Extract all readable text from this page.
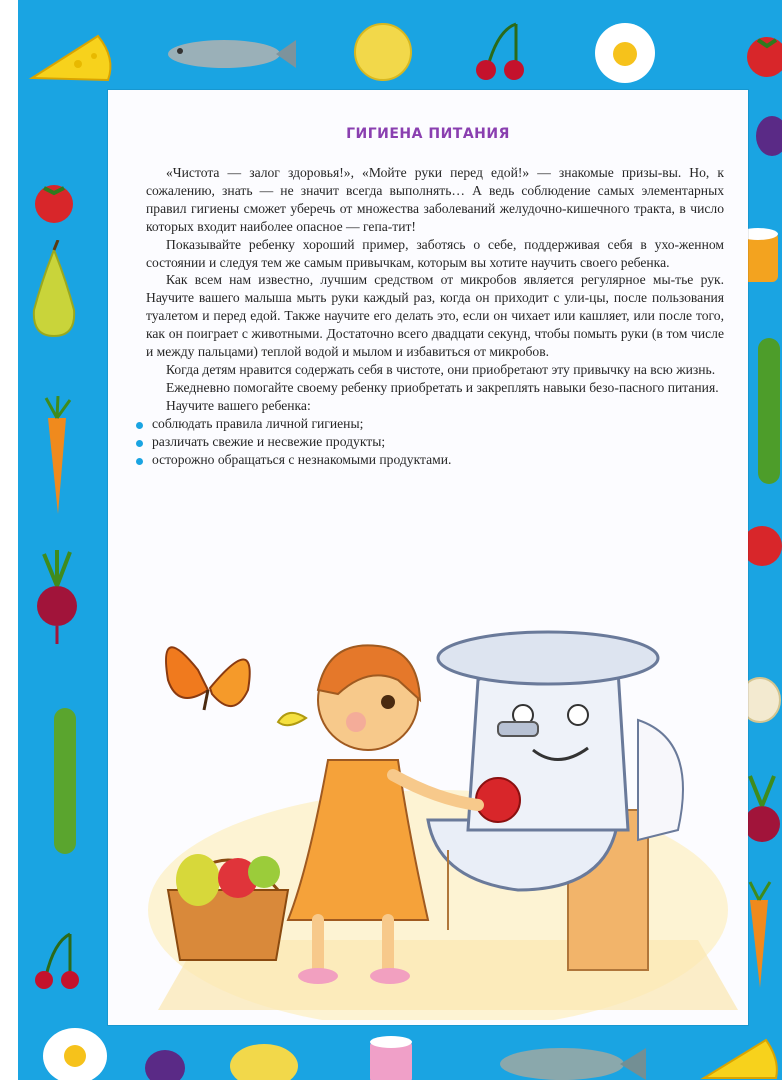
ГИГИЕНА ПИТАНИЯ

«Чистота — залог здоровья!», «Мойте руки перед едой!» — знакомые призы-вы. Но, к сожалению, знать — не значит всегда выполнять… А ведь соблюдение самых элементарных правил гигиены сможет уберечь от множества заболеваний желудочно-кишечного тракта, в число которых входит наиболее опасное — гепа-тит!

Показывайте ребенку хороший пример, заботясь о себе, поддерживая себя в ухо-женном состоянии и следуя тем же самым привычкам, которым вы хотите научить своего ребенка.

Как всем нам известно, лучшим средством от микробов является регулярное мы-тье рук. Научите вашего малыша мыть руки каждый раз, когда он приходит с ули-цы, после пользования туалетом и перед едой. Также научите его делать это, если он чихает или кашляет, или после того, как он поиграет с животными. Достаточно всего двадцати секунд, чтобы помыть руки (в том числе и между пальцами) теплой водой и мылом и избавиться от микробов.

Когда детям нравится содержать себя в чистоте, они приобретают эту привычку на всю жизнь.

Ежедневно помогайте своему ребенку приобретать и закреплять навыки безо-пасного питания.

Научите вашего ребенка:

соблюдать правила личной гигиены;
различать свежие и несвежие продукты;
осторожно обращаться с незнакомыми продуктами.
